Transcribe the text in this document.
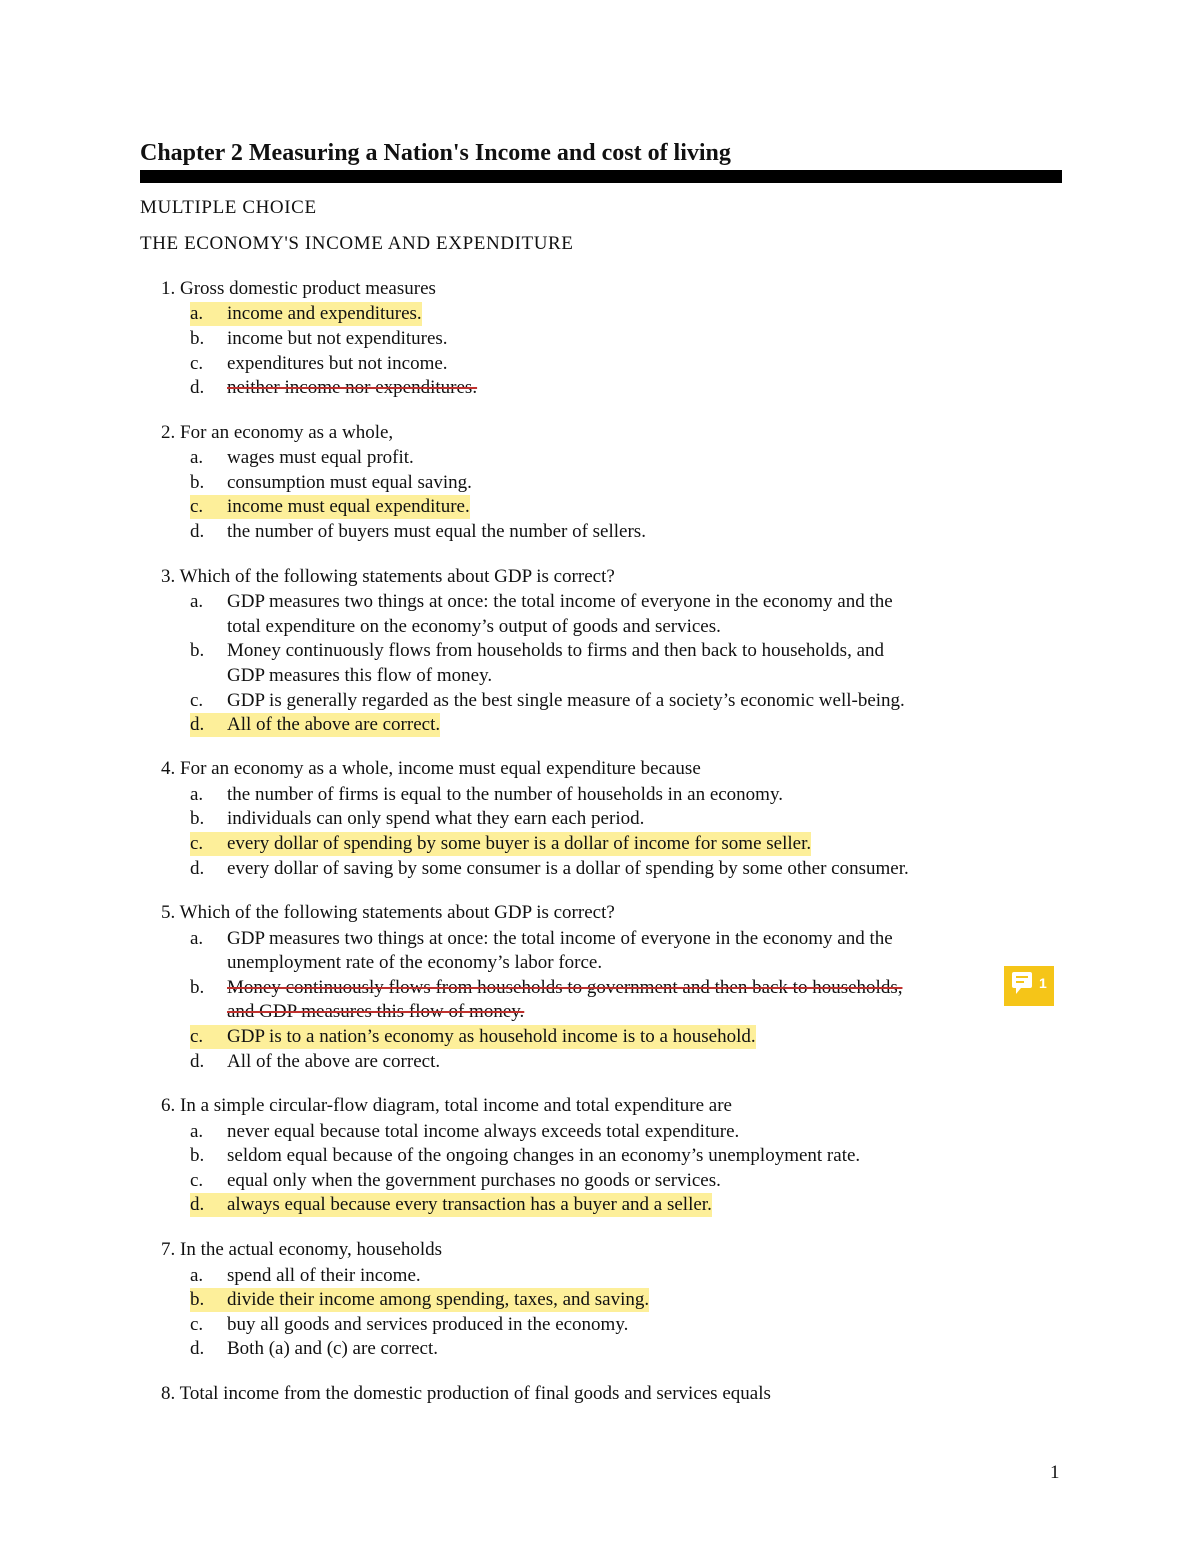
Chapter 2 Measuring a Nation's Income and cost of living
MULTIPLE CHOICE
THE ECONOMY'S INCOME AND EXPENDITURE
1. Gross domestic product measures
a. income and expenditures.
b. income but not expenditures.
c. expenditures but not income.
d. neither income nor expenditures.
2. For an economy as a whole,
a. wages must equal profit.
b. consumption must equal saving.
c. income must equal expenditure.
d. the number of buyers must equal the number of sellers.
3. Which of the following statements about GDP is correct?
a. GDP measures two things at once: the total income of everyone in the economy and the
total expenditure on the economy’s output of goods and services.
b. Money continuously flows from households to firms and then back to households, and
GDP measures this flow of money.
c. GDP is generally regarded as the best single measure of a society’s economic well-being.
d. All of the above are correct.
4. For an economy as a whole, income must equal expenditure because
a. the number of firms is equal to the number of households in an economy.
b. individuals can only spend what they earn each period.
c. every dollar of spending by some buyer is a dollar of income for some seller.
d. every dollar of saving by some consumer is a dollar of spending by some other consumer.
5. Which of the following statements about GDP is correct?
a. GDP measures two things at once: the total income of everyone in the economy and the
unemployment rate of the economy’s labor force.
b. Money continuously flows from households to government and then back to households,
and GDP measures this flow of money.
c. GDP is to a nation’s economy as household income is to a household.
d. All of the above are correct.
6. In a simple circular-flow diagram, total income and total expenditure are
a. never equal because total income always exceeds total expenditure.
b. seldom equal because of the ongoing changes in an economy’s unemployment rate.
c. equal only when the government purchases no goods or services.
d. always equal because every transaction has a buyer and a seller.
7. In the actual economy, households
a. spend all of their income.
b. divide their income among spending, taxes, and saving.
c. buy all goods and services produced in the economy.
d. Both (a) and (c) are correct.
8. Total income from the domestic production of final goods and services equals
1
1
